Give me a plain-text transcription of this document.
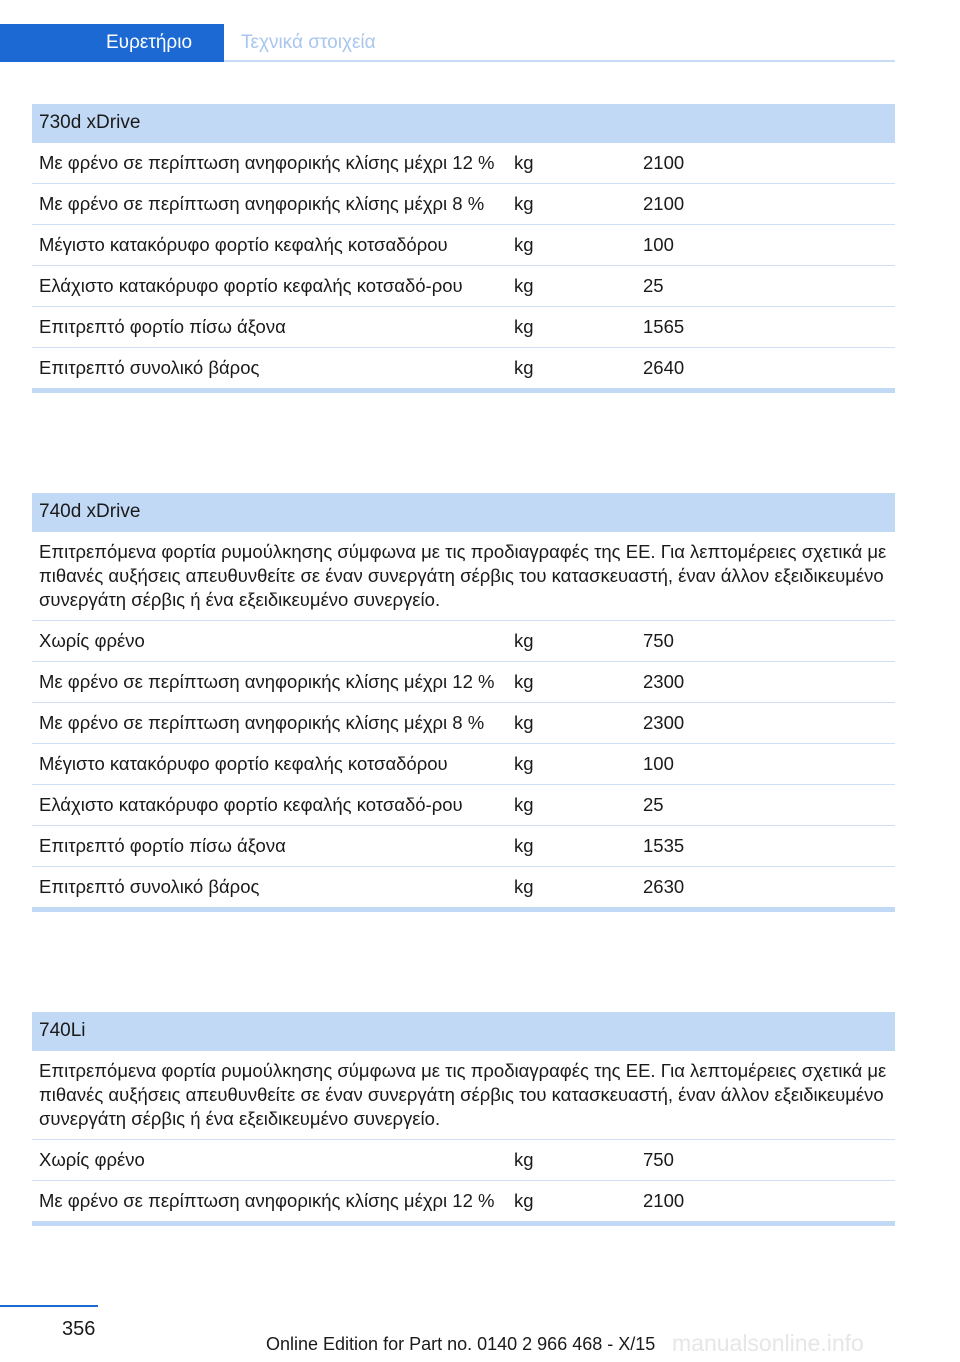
Ευρετήριο	Τεχνικά στοιχεία
730d xDrive
Με φρένο σε περίπτωση ανηφορικής κλίσης μέχρι 12 %	kg	2100
Με φρένο σε περίπτωση ανηφορικής κλίσης μέχρι 8 %	kg	2100
Μέγιστο κατακόρυφο φορτίο κεφαλής κοτσαδόρου	kg	100
Ελάχιστο κατακόρυφο φορτίο κεφαλής κοτσαδό‐ρου	kg	25
Επιτρεπτό φορτίο πίσω άξονα	kg	1565
Επιτρεπτό συνολικό βάρος	kg	2640
740d xDrive
Επιτρεπόμενα φορτία ρυμούλκησης σύμφωνα με τις προδιαγραφές της ΕΕ. Για λεπτομέρειες σχετικά με πιθανές αυξήσεις απευθυνθείτε σε έναν συνεργάτη σέρβις του κατασκευαστή, έναν άλλον εξειδικευμένο συνεργάτη σέρβις ή ένα εξειδικευμένο συνεργείο.
Χωρίς φρένο	kg	750
Με φρένο σε περίπτωση ανηφορικής κλίσης μέχρι 12 %	kg	2300
Με φρένο σε περίπτωση ανηφορικής κλίσης μέχρι 8 %	kg	2300
Μέγιστο κατακόρυφο φορτίο κεφαλής κοτσαδόρου	kg	100
Ελάχιστο κατακόρυφο φορτίο κεφαλής κοτσαδό‐ρου	kg	25
Επιτρεπτό φορτίο πίσω άξονα	kg	1535
Επιτρεπτό συνολικό βάρος	kg	2630
740Li
Επιτρεπόμενα φορτία ρυμούλκησης σύμφωνα με τις προδιαγραφές της ΕΕ. Για λεπτομέρειες σχετικά με πιθανές αυξήσεις απευθυνθείτε σε έναν συνεργάτη σέρβις του κατασκευαστή, έναν άλλον εξειδικευμένο συνεργάτη σέρβις ή ένα εξειδικευμένο συνεργείο.
Χωρίς φρένο	kg	750
Με φρένο σε περίπτωση ανηφορικής κλίσης μέχρι 12 %	kg	2100
356
Online Edition for Part no. 0140 2 966 468 - X/15 manualsonline.info
